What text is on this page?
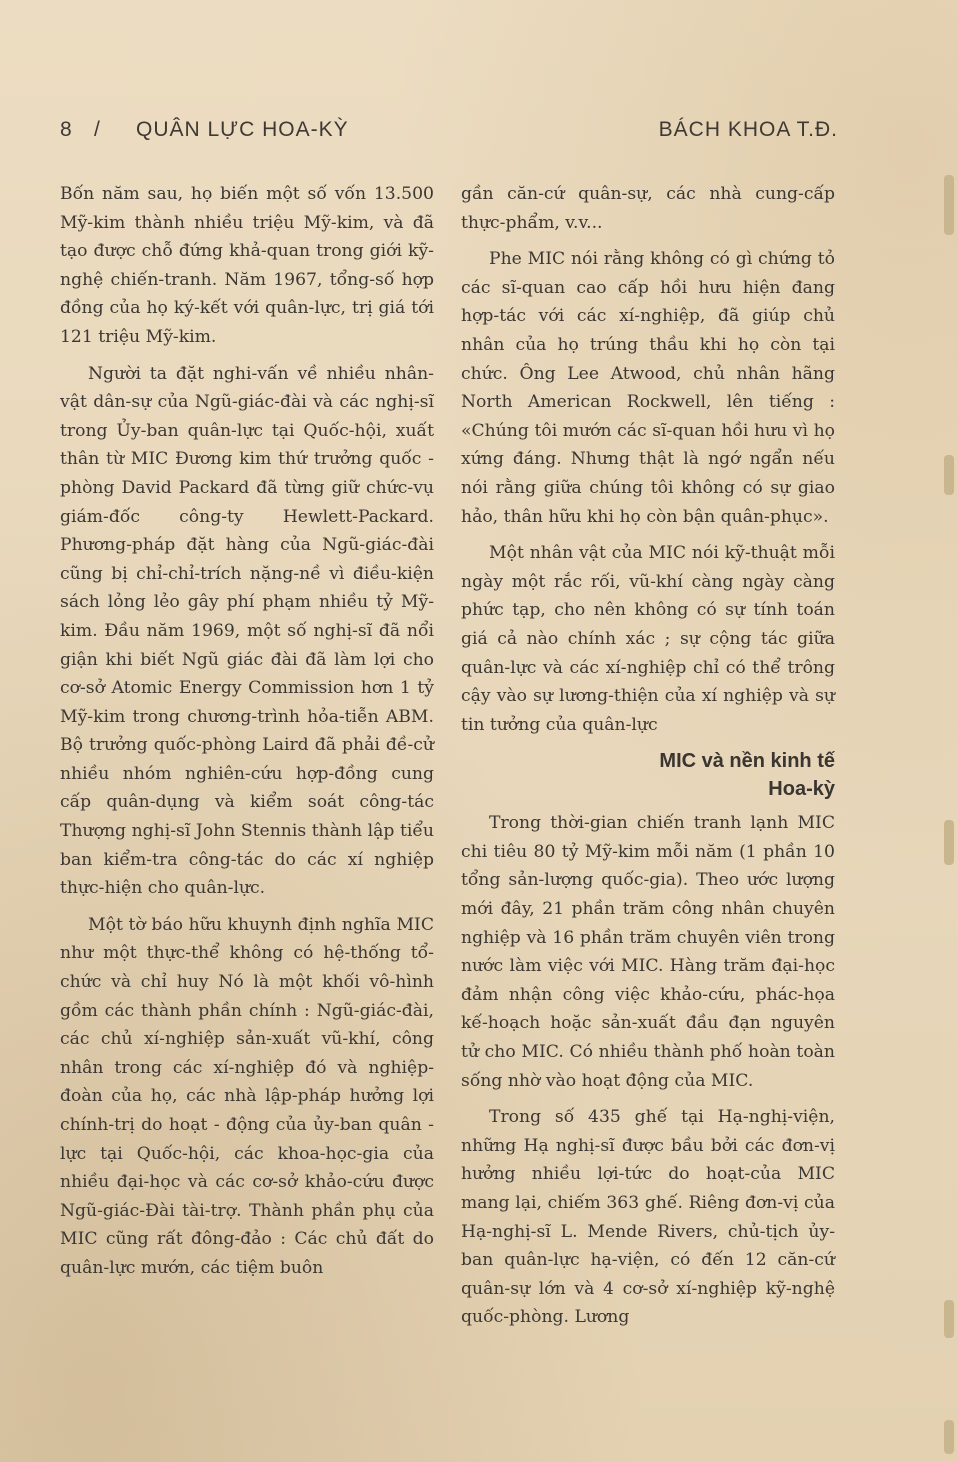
8 / QUÂN LỰC HOA-KỲ	BÁCH KHOA T.Đ.

Bốn năm sau, họ biến một số vốn 13.500 Mỹ-kim thành nhiều triệu Mỹ-kim, và đã tạo được chỗ đứng khả-quan trong giới kỹ-nghệ chiến-tranh. Năm 1967, tổng-số hợp đồng của họ ký-kết với quân-lực, trị giá tới 121 triệu Mỹ-kim.

Người ta đặt nghi-vấn về nhiều nhân-vật dân-sự của Ngũ-giác-đài và các nghị-sĩ trong Ủy-ban quân-lực tại Quốc-hội, xuất thân từ MIC Đương kim thứ trưởng quốc - phòng David Packard đã từng giữ chức-vụ giám-đốc công-ty Hewlett-Packard. Phương-pháp đặt hàng của Ngũ-giác-đài cũng bị chỉ-chỉ-trích nặng-nề vì điều-kiện sách lỏng lẻo gây phí phạm nhiều tỷ Mỹ-kim. Đầu năm 1969, một số nghị-sĩ đã nổi giận khi biết Ngũ giác đài đã làm lợi cho cơ-sở Atomic Energy Commission hơn 1 tỷ Mỹ-kim trong chương-trình hỏa-tiễn ABM. Bộ trưởng quốc-phòng Laird đã phải đề-cử nhiều nhóm nghiên-cứu hợp-đồng cung cấp quân-dụng và kiểm soát công-tác Thượng nghị-sĩ John Stennis thành lập tiểu ban kiểm-tra công-tác do các xí nghiệp thực-hiện cho quân-lực.

Một tờ báo hữu khuynh định nghĩa MIC như một thực-thể không có hệ-thống tổ-chức và chỉ huy Nó là một khối vô-hình gồm các thành phần chính : Ngũ-giác-đài, các chủ xí-nghiệp sản-xuất vũ-khí, công nhân trong các xí-nghiệp đó và nghiệp-đoàn của họ, các nhà lập-pháp hưởng lợi chính-trị do hoạt - động của ủy-ban quân - lực tại Quốc-hội, các khoa-học-gia của nhiều đại-học và các cơ-sở khảo-cứu được Ngũ-giác-Đài tài-trợ. Thành phần phụ của MIC cũng rất đông-đảo : Các chủ đất do quân-lực mướn, các tiệm buôn

gần căn-cứ quân-sự, các nhà cung-cấp thực-phẩm, v.v...

Phe MIC nói rằng không có gì chứng tỏ các sĩ-quan cao cấp hồi hưu hiện đang hợp-tác với các xí-nghiệp, đã giúp chủ nhân của họ trúng thầu khi họ còn tại chức. Ông Lee Atwood, chủ nhân hãng North American Rockwell, lên tiếng : «Chúng tôi mướn các sĩ-quan hồi hưu vì họ xứng đáng. Nhưng thật là ngớ ngẩn nếu nói rằng giữa chúng tôi không có sự giao hảo, thân hữu khi họ còn bận quân-phục».

Một nhân vật của MIC nói kỹ-thuật mỗi ngày một rắc rối, vũ-khí càng ngày càng phức tạp, cho nên không có sự tính toán giá cả nào chính xác ; sự cộng tác giữa quân-lực và các xí-nghiệp chỉ có thể trông cậy vào sự lương-thiện của xí nghiệp và sự tin tưởng của quân-lực

MIC và nền kinh tế
Hoa-kỳ

Trong thời-gian chiến tranh lạnh MIC chi tiêu 80 tỷ Mỹ-kim mỗi năm (1 phần 10 tổng sản-lượng quốc-gia). Theo ước lượng mới đây, 21 phần trăm công nhân chuyên nghiệp và 16 phần trăm chuyên viên trong nước làm việc với MIC. Hàng trăm đại-học đảm nhận công việc khảo-cứu, phác-họa kế-hoạch hoặc sản-xuất đầu đạn nguyên tử cho MIC. Có nhiều thành phố hoàn toàn sống nhờ vào hoạt động của MIC.

Trong số 435 ghế tại Hạ-nghị-viện, những Hạ nghị-sĩ được bầu bởi các đơn-vị hưởng nhiều lợi-tức do hoạt-của MIC mang lại, chiếm 363 ghế. Riêng đơn-vị của Hạ-nghị-sĩ L. Mende Rivers, chủ-tịch ủy-ban quân-lực hạ-viện, có đến 12 căn-cứ quân-sự lớn và 4 cơ-sở xí-nghiệp kỹ-nghệ quốc-phòng. Lương
